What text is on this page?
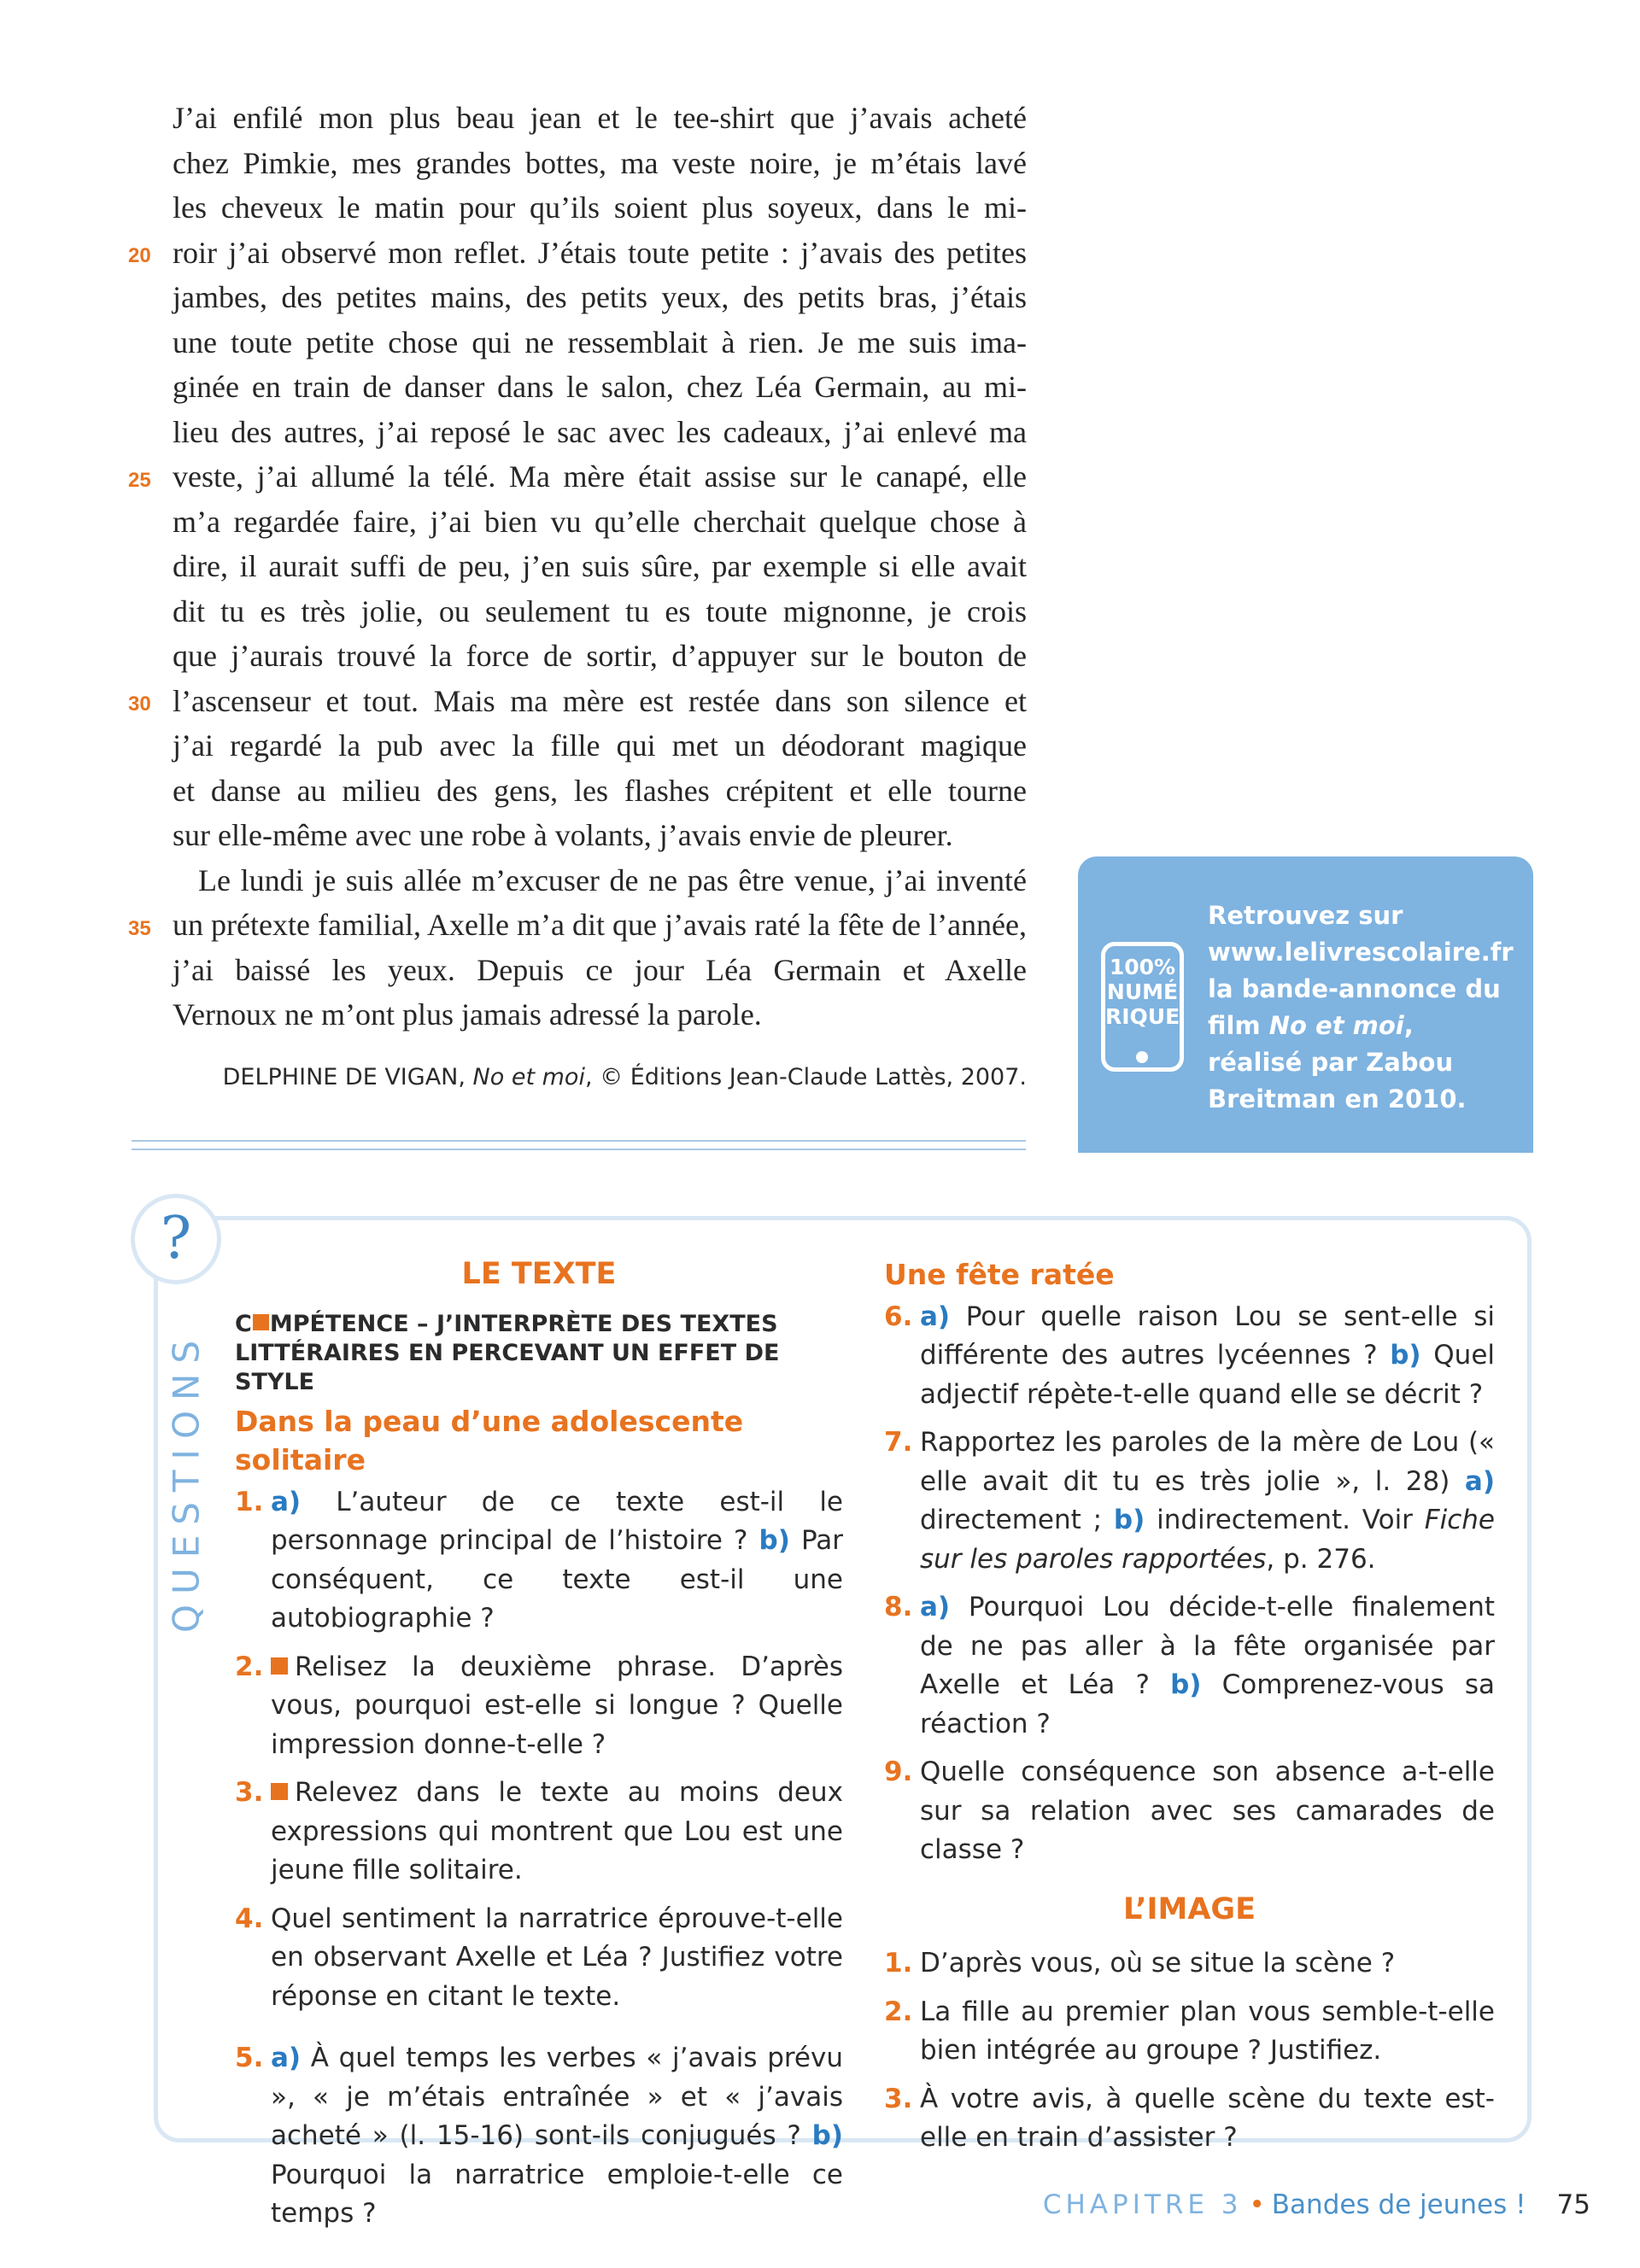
J’ai enfilé mon plus beau jean et le tee-shirt que j’avais acheté
chez Pimkie, mes grandes bottes, ma veste noire, je m’étais lavé
les cheveux le matin pour qu’ils soient plus soyeux, dans le mi-
roir j’ai observé mon reflet. J’étais toute petite : j’avais des petites
jambes, des petites mains, des petits yeux, des petits bras, j’étais
une toute petite chose qui ne ressemblait à rien. Je me suis ima-
ginée en train de danser dans le salon, chez Léa Germain, au mi-
lieu des autres, j’ai reposé le sac avec les cadeaux, j’ai enlevé ma
veste, j’ai allumé la télé. Ma mère était assise sur le canapé, elle
m’a regardée faire, j’ai bien vu qu’elle cherchait quelque chose à
dire, il aurait suffi de peu, j’en suis sûre, par exemple si elle avait
dit tu es très jolie, ou seulement tu es toute mignonne, je crois
que j’aurais trouvé la force de sortir, d’appuyer sur le bouton de
l’ascenseur et tout. Mais ma mère est restée dans son silence et
j’ai regardé la pub avec la fille qui met un déodorant magique
et danse au milieu des gens, les flashes crépitent et elle tourne
sur elle-même avec une robe à volants, j’avais envie de pleurer.
Le lundi je suis allée m’excuser de ne pas être venue, j’ai inventé
un prétexte familial, Axelle m’a dit que j’avais raté la fête de l’année,
j’ai baissé les yeux. Depuis ce jour Léa Germain et Axelle
Vernoux ne m’ont plus jamais adressé la parole.
20
25
30
35
DELPHINE DE VIGAN, No et moi, © Éditions Jean-Claude Lattès, 2007.
100%
NUMÉ
RIQUE
Retrouvez sur
www.lelivrescolaire.fr
la bande-annonce du
film No et moi,
réalisé par Zabou
Breitman en 2010.
?
QUESTIONS
LE TEXTE
C MPÉTENCE – J’INTERPRÈTE DES TEXTES LITTÉRAIRES EN PERCEVANT UN EFFET DE STYLE
Dans la peau d’une adolescente solitaire
1. a) L’auteur de ce texte est-il le personnage principal de l’histoire ? b) Par conséquent, ce texte est-il une autobiographie ?
2. Relisez la deuxième phrase. D’après vous, pourquoi est-elle si longue ? Quelle impression donne-t-elle ?
3. Relevez dans le texte au moins deux expressions qui montrent que Lou est une jeune fille solitaire.
4. Quel sentiment la narratrice éprouve-t-elle en observant Axelle et Léa ? Justifiez votre réponse en citant le texte.
5. a) À quel temps les verbes « j’avais prévu », « je m’étais entraînée » et « j’avais acheté » (l. 15-16) sont-ils conjugués ? b) Pourquoi la narratrice emploie-t-elle ce temps ?
Une fête ratée
6. a) Pour quelle raison Lou se sent-elle si différente des autres lycéennes ? b) Quel adjectif répète-t-elle quand elle se décrit ?
7. Rapportez les paroles de la mère de Lou (« elle avait dit tu es très jolie », l. 28) a) directement ; b) indirectement. Voir Fiche sur les paroles rapportées, p. 276.
8. a) Pourquoi Lou décide-t-elle finalement de ne pas aller à la fête organisée par Axelle et Léa ? b) Comprenez-vous sa réaction ?
9. Quelle conséquence son absence a-t-elle sur sa relation avec ses camarades de classe ?
L’IMAGE
1. D’après vous, où se situe la scène ?
2. La fille au premier plan vous semble-t-elle bien intégrée au groupe ? Justifiez.
3. À votre avis, à quelle scène du texte est-elle en train d’assister ?
CHAPITRE 3 • Bandes de jeunes ! 75
